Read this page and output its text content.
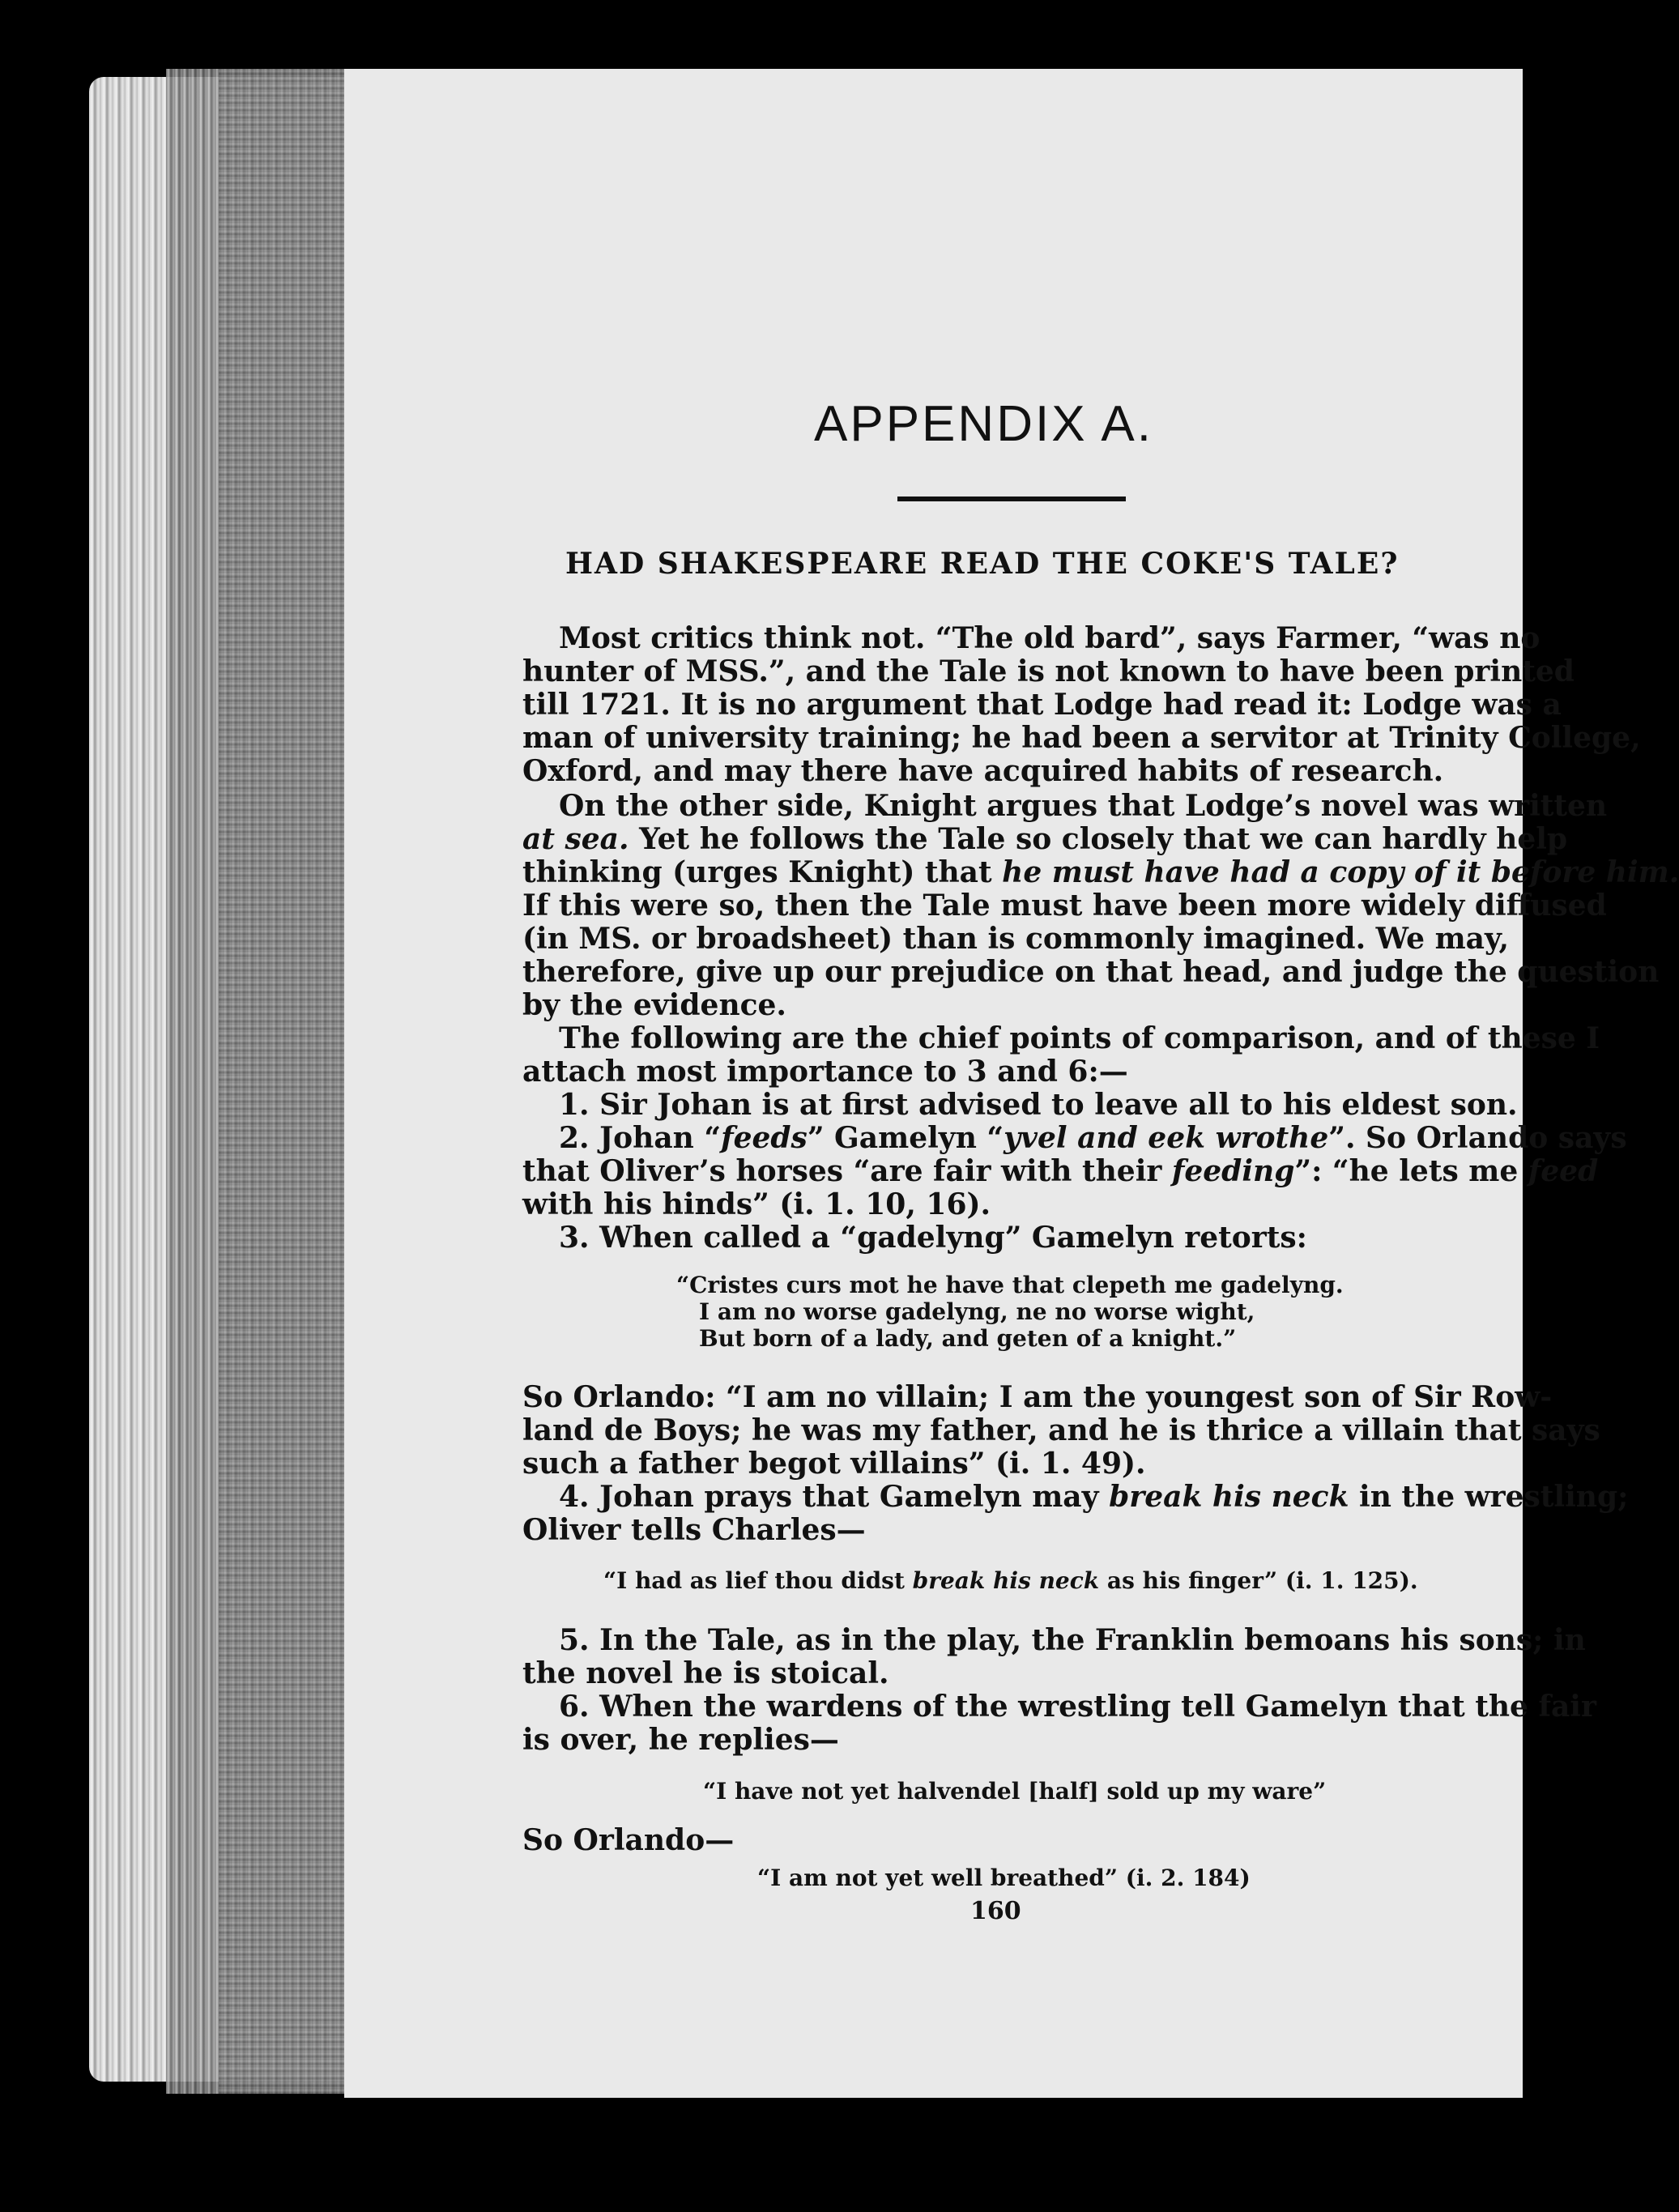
APPENDIX A.
HAD SHAKESPEARE READ THE COKE'S TALE?
Most critics think not. “The old bard”, says Farmer, “was no
hunter of MSS.”, and the Tale is not known to have been printed
till 1721. It is no argument that Lodge had read it: Lodge was a
man of university training; he had been a servitor at Trinity College,
Oxford, and may there have acquired habits of research.
On the other side, Knight argues that Lodge’s novel was written
at sea. Yet he follows the Tale so closely that we can hardly help
thinking (urges Knight) that he must have had a copy of it before him.
If this were so, then the Tale must have been more widely diffused
(in MS. or broadsheet) than is commonly imagined. We may,
therefore, give up our prejudice on that head, and judge the question
by the evidence.
The following are the chief points of comparison, and of these I
attach most importance to 3 and 6:—
1. Sir Johan is at first advised to leave all to his eldest son.
2. Johan “feeds” Gamelyn “yvel and eek wrothe”. So Orlando says
that Oliver’s horses “are fair with their feeding”: “he lets me feed
with his hinds” (i. 1. 10, 16).
3. When called a “gadelyng” Gamelyn retorts:
“Cristes curs mot he have that clepeth me gadelyng.
I am no worse gadelyng, ne no worse wight,
But born of a lady, and geten of a knight.”
So Orlando: “I am no villain; I am the youngest son of Sir Row-
land de Boys; he was my father, and he is thrice a villain that says
such a father begot villains” (i. 1. 49).
4. Johan prays that Gamelyn may break his neck in the wrestling;
Oliver tells Charles—
“I had as lief thou didst break his neck as his finger” (i. 1. 125).
5. In the Tale, as in the play, the Franklin bemoans his sons; in
the novel he is stoical.
6. When the wardens of the wrestling tell Gamelyn that the fair
is over, he replies—
“I have not yet halvendel [half] sold up my ware”
So Orlando—
“I am not yet well breathed” (i. 2. 184)
160
